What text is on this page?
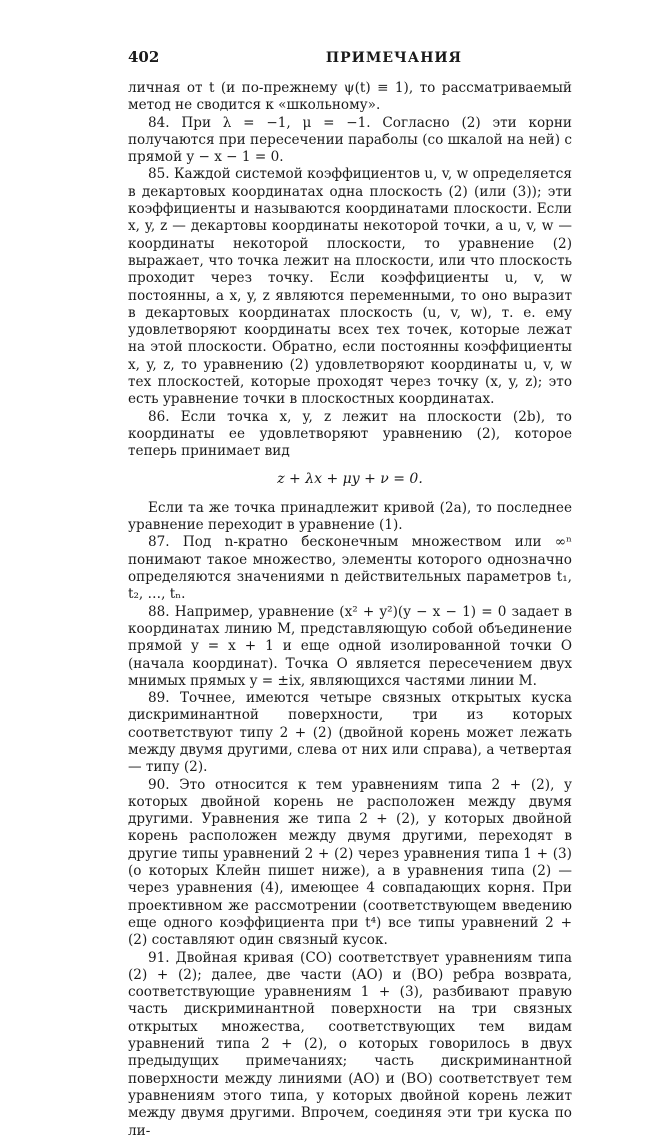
402	ПРИМЕЧАНИЯ

личная от t (и по-прежнему ψ(t) ≡ 1), то рассматриваемый метод не сводится к «школьному».

84. При λ = −1, μ = −1. Согласно (2) эти корни получаются при пересечении параболы (со шкалой на ней) с прямой y − x − 1 = 0.

85. Каждой системой коэффициентов u, v, w определяется в декартовых координатах одна плоскость (2) (или (3)); эти коэффициенты и называются координатами плоскости. Если x, y, z — декартовы координаты некоторой точки, а u, v, w — координаты некоторой плоскости, то уравнение (2) выражает, что точка лежит на плоскости, или что плоскость проходит через точку. Если коэффициенты u, v, w постоянны, а x, y, z являются переменными, то оно выразит в декартовых координатах плоскость (u, v, w), т. е. ему удовлетворяют координаты всех тех точек, которые лежат на этой плоскости. Обратно, если постоянны коэффициенты x, y, z, то уравнению (2) удовлетворяют координаты u, v, w тех плоскостей, которые проходят через точку (x, y, z); это есть уравнение точки в плоскостных координатах.

86. Если точка x, y, z лежит на плоскости (2b), то координаты ее удовлетворяют уравнению (2), которое теперь принимает вид

z + λx + μy + ν = 0.

Если та же точка принадлежит кривой (2a), то последнее уравнение переходит в уравнение (1).

87. Под n-кратно бесконечным множеством или ∞ⁿ понимают такое множество, элементы которого однозначно определяются значениями n действительных параметров t₁, t₂, …, tₙ.

88. Например, уравнение (x² + y²)(y − x − 1) = 0 задает в координатах линию M, представляющую собой объединение прямой y = x + 1 и еще одной изолированной точки O (начала координат). Точка O является пересечением двух мнимых прямых y = ±ix, являющихся частями линии M.

89. Точнее, имеются четыре связных открытых куска дискриминантной поверхности, три из которых соответствуют типу 2 + (2) (двойной корень может лежать между двумя другими, слева от них или справа), а четвертая — типу (2).

90. Это относится к тем уравнениям типа 2 + (2), у которых двойной корень не расположен между двумя другими. Уравнения же типа 2 + (2), у которых двойной корень расположен между двумя другими, переходят в другие типы уравнений 2 + (2) через уравнения типа 1 + (3) (о которых Клейн пишет ниже), а в уравнения типа (2) — через уравнения (4), имеющее 4 совпадающих корня. При проективном же рассмотрении (соответствующем введению еще одного коэффициента при t⁴) все типы уравнений 2 + (2) составляют один связный кусок.

91. Двойная кривая (CO) соответствует уравнениям типа (2) + (2); далее, две части (AO) и (BO) ребра возврата, соответствующие уравнениям 1 + (3), разбивают правую часть дискриминантной поверхности на три связных открытых множества, соответствующих тем видам уравнений типа 2 + (2), о которых говорилось в двух предыдущих примечаниях; часть дискриминантной поверхности между линиями (AO) и (BO) соответствует тем уравнениям этого типа, у которых двойной корень лежит между двумя другими. Впрочем, соединяя эти три куска по ли-
